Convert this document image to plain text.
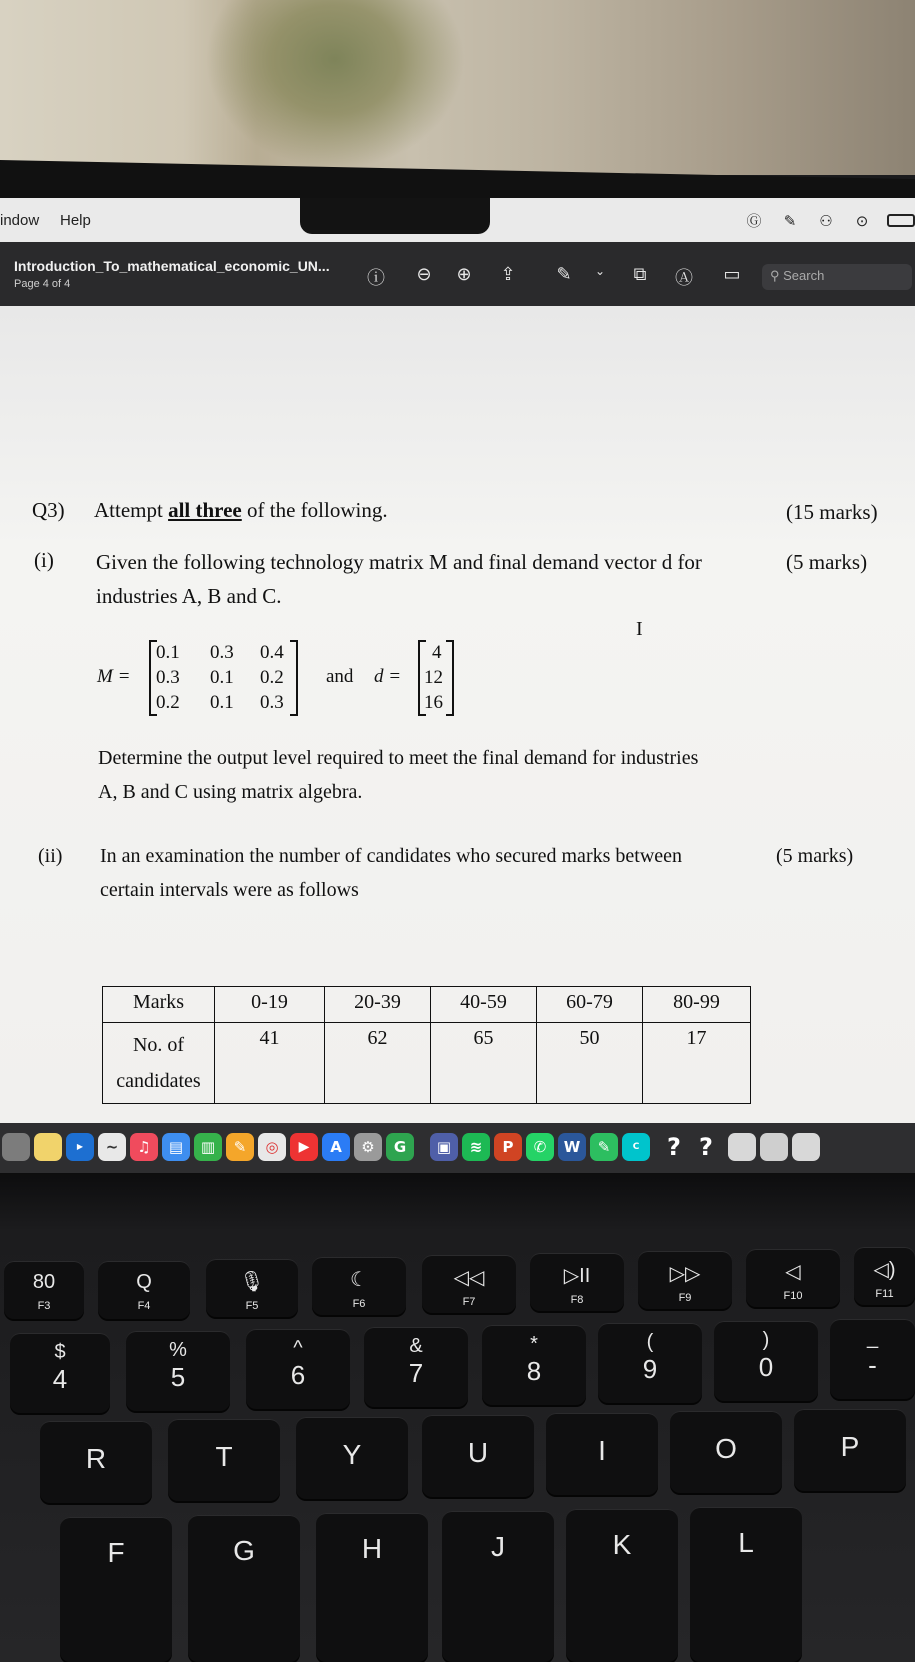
indow Help	Ⓖ	✎	⚇	⊙
Introduction_To_mathematical_economic_UN...
Page 4 of 4	ⓘ ⊖ ⊕ ⇪ ✎	⌄	⧉	Ⓐ ▭	⚲ Search
Q3) Attempt all three of the following.	(15 marks)
(i) Given the following technology matrix M and final demand vector d for	(5 marks)
industries A, B and C.
M =
0.1 0.3 0.4
0.3 0.1 0.2
0.2 0.1 0.3
and d =
4
12
16
I
Determine the output level required to meet the final demand for industries
A, B and C using matrix algebra.
(ii) In an examination the number of candidates who secured marks between	(5 marks)
certain intervals were as follows
Marks	0-19	20-39	40-59	60-79	80-99
No. of
candidates	41	62	65	50	17
▶	~	♫	▤	▥	✎	◎	▶	A	⚙	G	▣	≋	P	✆	W	✎	C	? ?
80
F3
Q
F4
🎙
F5
☾
F6
◁◁
F7
▷II
F8
▷▷
F9
◁
F10
◁)
F11
$
4
%
5
^
6
&
7
*
8
(
9
)
0
_
-
R	T	Y	U	I	O	P
F	G	H	J	K	L
